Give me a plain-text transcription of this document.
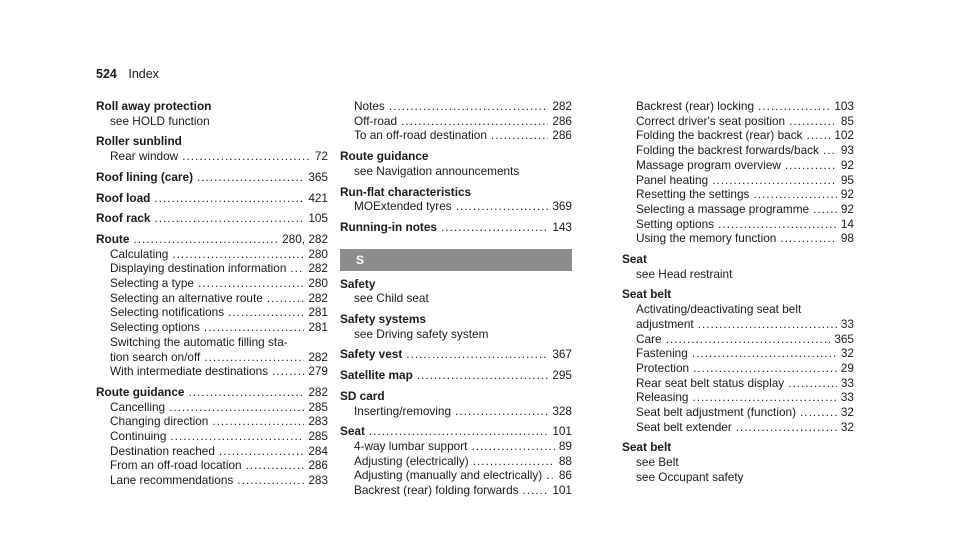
524 Index
Roll away protection
see HOLD function
Roller sunblind
Rear window .....	72
Roof lining (care) .....	365
Roof load .....	421
Roof rack .....	105
Route .....	280, 282
Calculating .....	280
Displaying destination information ..... 282
Selecting a type .....	280
Selecting an alternative route .....	282
Selecting notifications .....	281
Selecting options .....	281
Switching the automatic filling sta-
tion search on/off .....	282
With intermediate destinations .....	279
Route guidance .....	282
Cancelling .....	285
Changing direction .....	283
Continuing .....	285
Destination reached .....	284
From an off-road location .....	286
Lane recommendations .....	283
Notes .....	282
Off-road .....	286
To an off-road destination .....	286
Route guidance
see Navigation announcements
Run-flat characteristics
MOExtended tyres .....	369
Running-in notes .....	143
S
Safety
see Child seat
Safety systems
see Driving safety system
Safety vest .....	367
Satellite map .....	295
SD card
Inserting/removing .....	328
Seat .....	101
4-way lumbar support .....	89
Adjusting (electrically) .....	88
Adjusting (manually and electrically) ..... 86
Backrest (rear) folding forwards .....	101
Backrest (rear) locking .....	103
Correct driver's seat position .....	85
Folding the backrest (rear) back .....	102
Folding the backrest forwards/back ..... 93
Massage program overview .....	92
Panel heating .....	95
Resetting the settings .....	92
Selecting a massage programme .....	92
Setting options .....	14
Using the memory function .....	98
Seat
see Head restraint
Seat belt
Activating/deactivating seat belt
adjustment .....	33
Care .....	365
Fastening .....	32
Protection .....	29
Rear seat belt status display .....	33
Releasing .....	33
Seat belt adjustment (function) .....	32
Seat belt extender .....	32
Seat belt
see Belt
see Occupant safety
